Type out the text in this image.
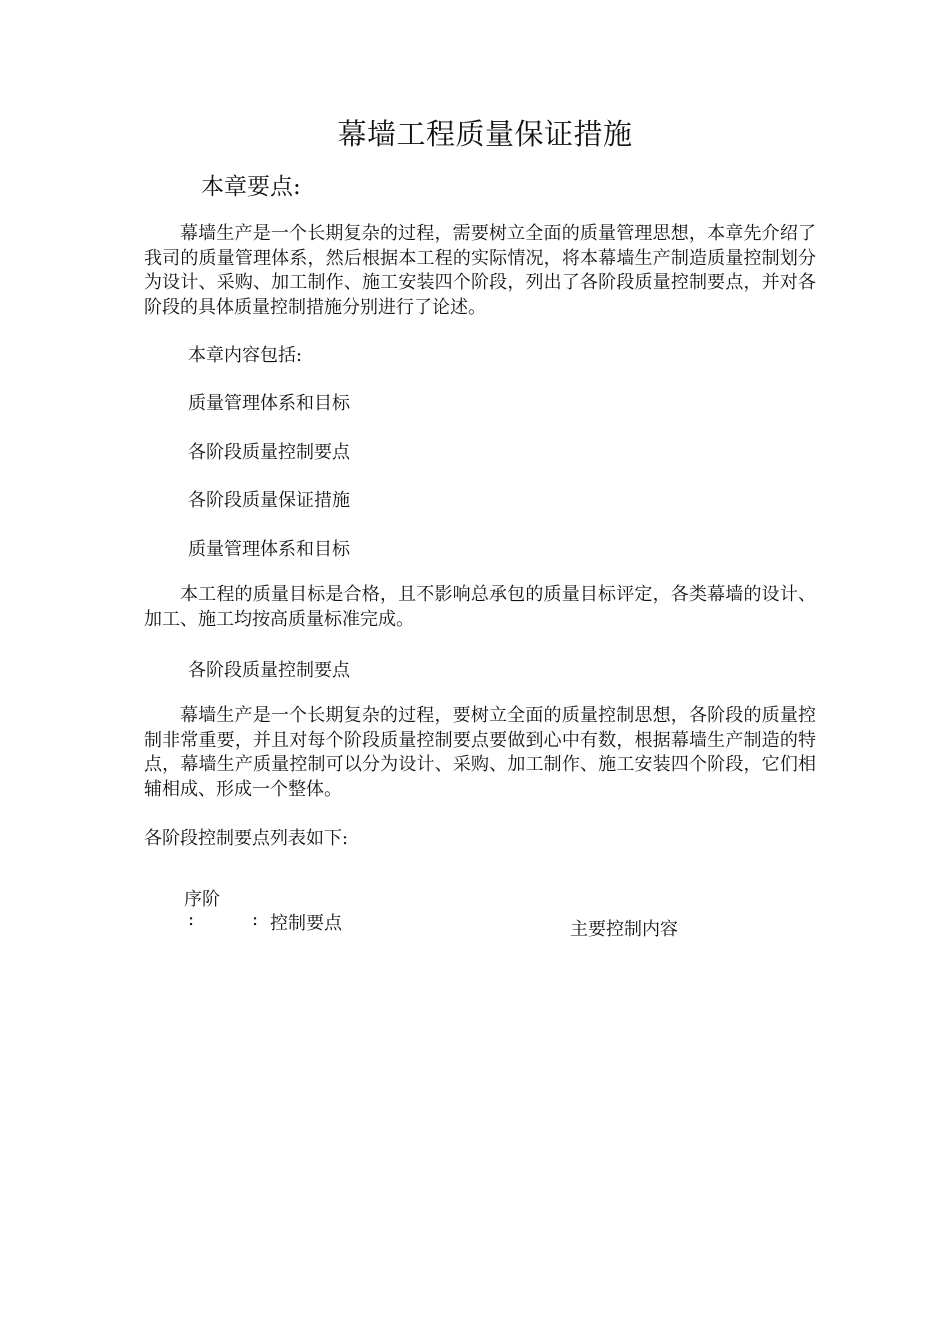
幕墙工程质量保证措施
本章要点:
幕墙生产是一个长期复杂的过程，需要树立全面的质量管理思想，本章先介绍了我司的质量管理体系，然后根据本工程的实际情况，将本幕墙生产制造质量控制划分为设计、采购、加工制作、施工安装四个阶段，列出了各阶段质量控制要点，并对各阶段的具体质量控制措施分别进行了论述。
本章内容包括:
质量管理体系和目标
各阶段质量控制要点
各阶段质量保证措施
质量管理体系和目标
本工程的质量目标是合格，且不影响总承包的质量目标评定，各类幕墙的设计、加工、施工均按高质量标准完成。
各阶段质量控制要点
幕墙生产是一个长期复杂的过程，要树立全面的质量控制思想，各阶段的质量控制非常重要，并且对每个阶段质量控制要点要做到心中有数，根据幕墙生产制造的特点，幕墙生产质量控制可以分为设计、采购、加工制作、施工安装四个阶段，它们相辅相成、形成一个整体。
各阶段控制要点列表如下:
序阶
:	: 控制要点	主要控制内容
